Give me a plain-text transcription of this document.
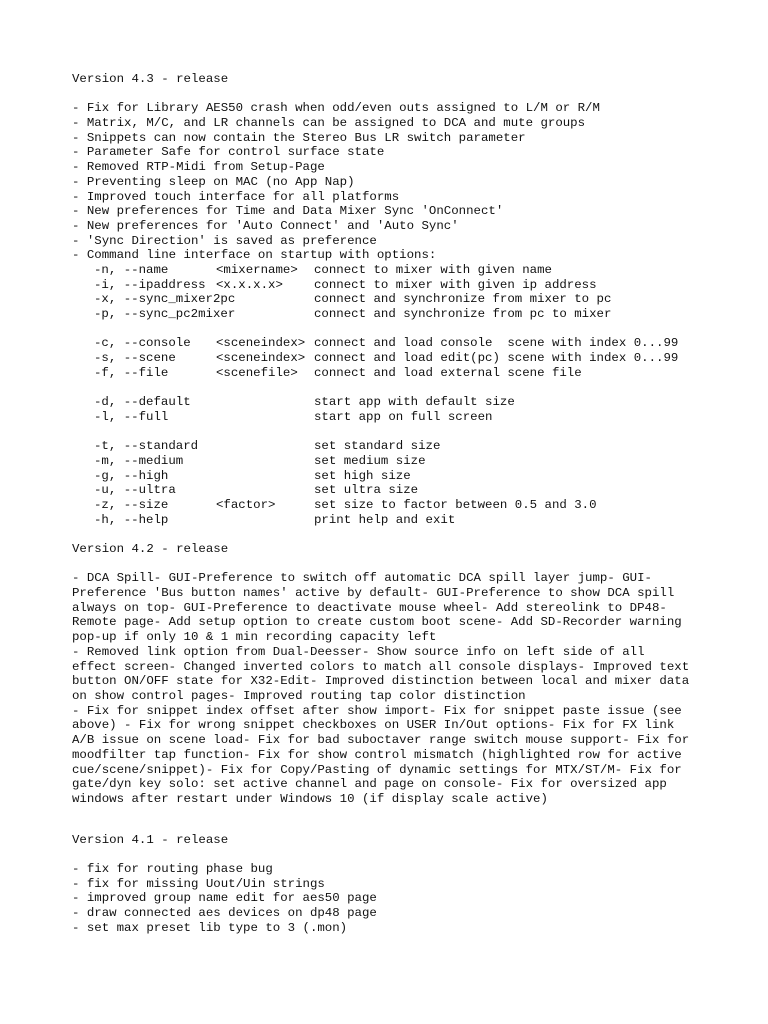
Version 4.3 - release
- Fix for Library AES50 crash when odd/even outs assigned to L/M or R/M
- Matrix, M/C, and LR channels can be assigned to DCA and mute groups
- Snippets can now contain the Stereo Bus LR switch parameter
- Parameter Safe for control surface state
- Removed RTP-Midi from Setup-Page
- Preventing sleep on MAC (no App Nap)
- Improved touch interface for all platforms
- New preferences for Time and Data Mixer Sync 'OnConnect'
- New preferences for 'Auto Connect' and 'Auto Sync'
- 'Sync Direction' is saved as preference
- Command line interface on startup with options:
-n, --name	<mixername>	connect to mixer with given name
-i, --ipaddress <x.x.x.x>	connect to mixer with given ip address
-x, --sync_mixer2pc	connect and synchronize from mixer to pc
-p, --sync_pc2mixer	connect and synchronize from pc to mixer
-c, --console	<sceneindex> connect and load console  scene with index 0...99
-s, --scene	<sceneindex> connect and load edit(pc) scene with index 0...99
-f, --file	<scenefile>	connect and load external scene file
-d, --default	start app with default size
-l, --full	start app on full screen
-t, --standard	set standard size
-m, --medium	set medium size
-g, --high	set high size
-u, --ultra	set ultra size
-z, --size	<factor>	set size to factor between 0.5 and 3.0
-h, --help	print help and exit
Version 4.2 - release
- DCA Spill- GUI-Preference to switch off automatic DCA spill layer jump- GUI-Preference 'Bus button names' active by default- GUI-Preference to show DCA spill always on top- GUI-Preference to deactivate mouse wheel- Add stereolink to DP48-Remote page- Add setup option to create custom boot scene- Add SD-Recorder warning pop-up if only 10 & 1 min recording capacity left
- Removed link option from Dual-Deesser- Show source info on left side of all effect screen- Changed inverted colors to match all console displays- Improved text button ON/OFF state for X32-Edit- Improved distinction between local and mixer data on show control pages- Improved routing tap color distinction
- Fix for snippet index offset after show import- Fix for snippet paste issue (see above) - Fix for wrong snippet checkboxes on USER In/Out options- Fix for FX link A/B issue on scene load- Fix for bad suboctaver range switch mouse support- Fix for moodfilter tap function- Fix for show control mismatch (highlighted row for active cue/scene/snippet)- Fix for Copy/Pasting of dynamic settings for MTX/ST/M- Fix for gate/dyn key solo: set active channel and page on console- Fix for oversized app windows after restart under Windows 10 (if display scale active)
Version 4.1 - release
- fix for routing phase bug
- fix for missing Uout/Uin strings
- improved group name edit for aes50 page
- draw connected aes devices on dp48 page
- set max preset lib type to 3 (.mon)
